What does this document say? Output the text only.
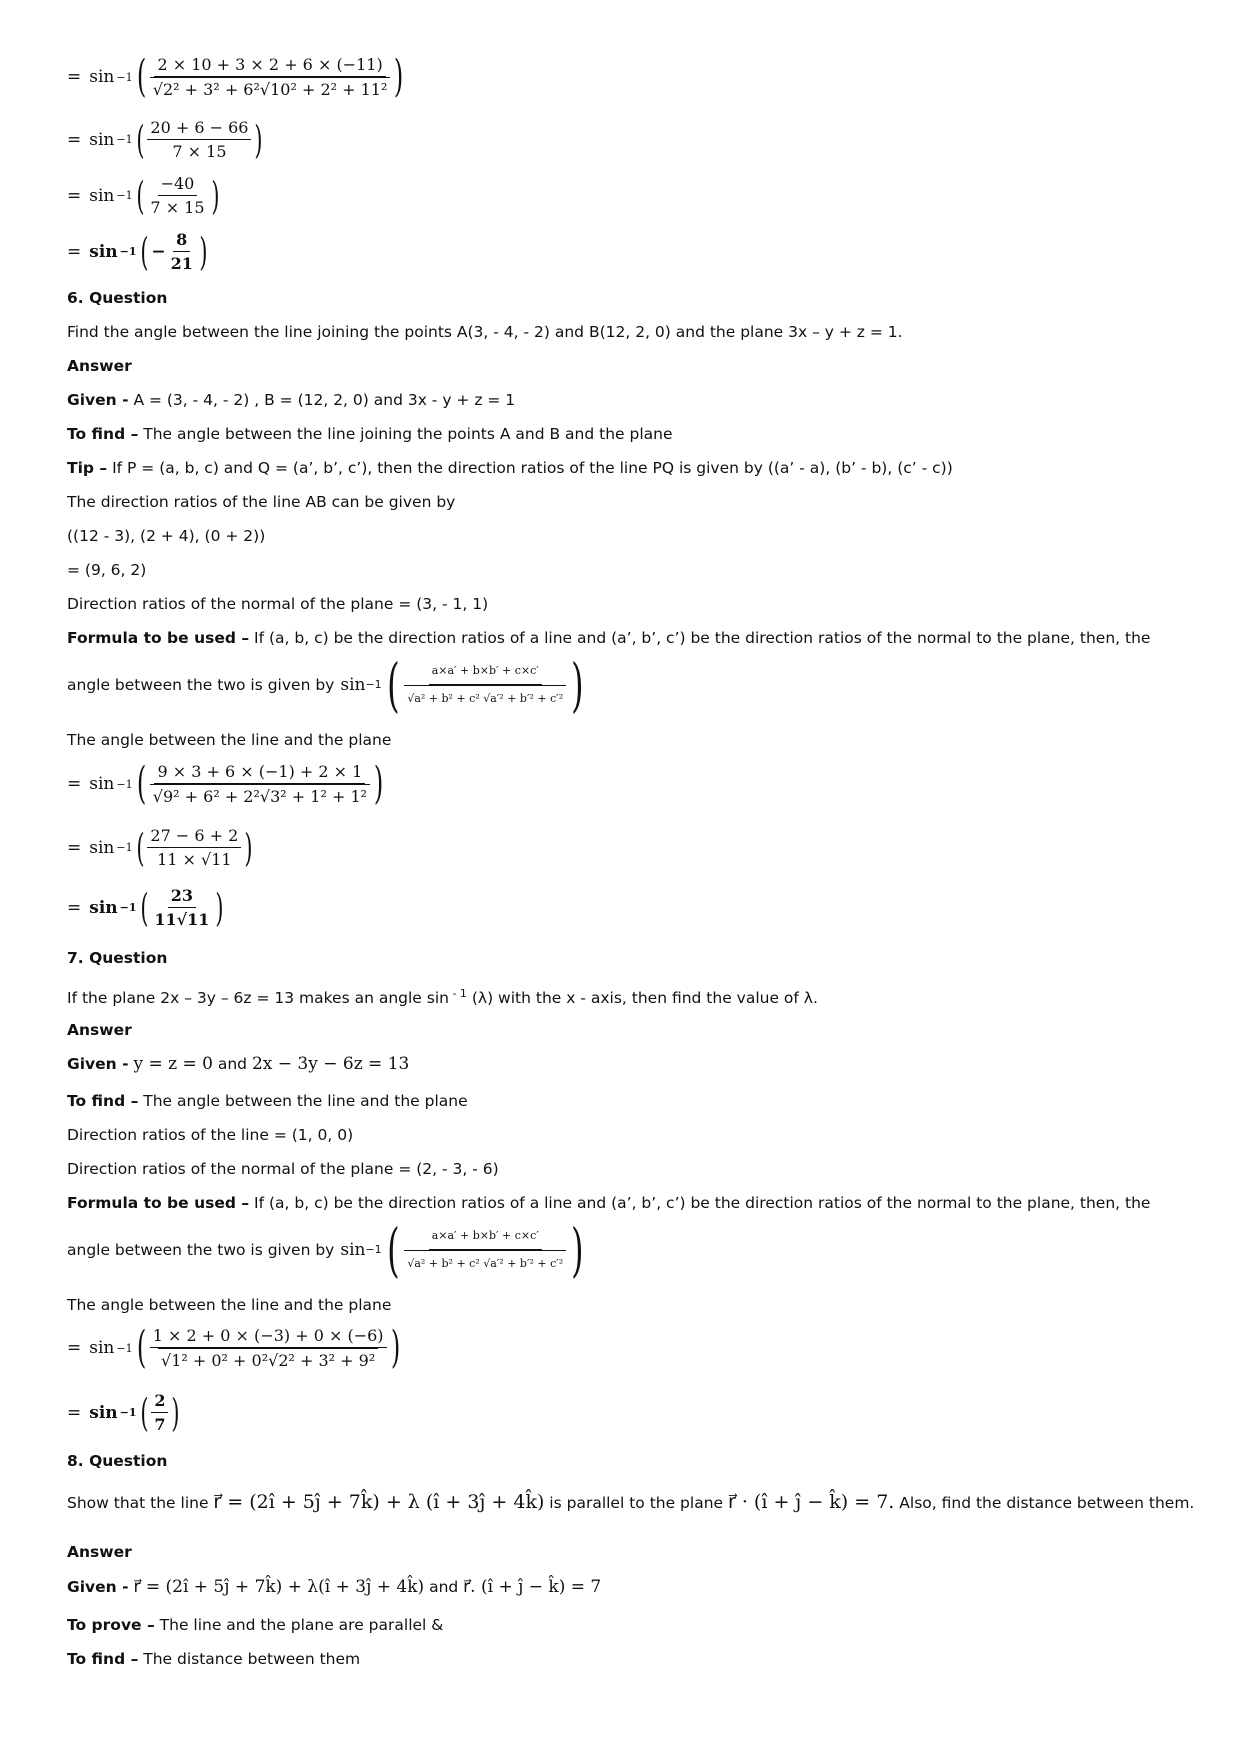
= sin −1 ( $\frac{2 \times 10 + 3 \times 2 + 6 \times (-11)}{\text{√2² + 3² + 6²√10² + 2² + 11²}}$ )
= sin −1 ( $\frac{20 + 6 - 66}{7 \times 15}$ )
= sin −1 ( $\frac{-40}{7 \times 15}$ )
= sin −1 ( − $\frac{8}{21}$ )
6. Question
Find the angle between the line joining the points A(3, - 4, - 2) and B(12, 2, 0) and the plane 3x – y + z = 1.
Answer
Given - A = (3, - 4, - 2) , B = (12, 2, 0) and 3x - y + z = 1
To find – The angle between the line joining the points A and B and the plane
Tip – If P = (a, b, c) and Q = (a’, b’, c’), then the direction ratios of the line PQ is given by ((a’ - a), (b’ - b), (c’ - c))
The direction ratios of the line AB can be given by
((12 - 3), (2 + 4), (0 + 2))
= (9, 6, 2)
Direction ratios of the normal of the plane = (3, - 1, 1)
Formula to be used – If (a, b, c) be the direction ratios of a line and (a’, b’, c’) be the direction ratios of the normal to the plane, then, the
angle between the two is given by sin −1 ( $\frac{a\times a' + b\times b' + c\times c'}{\text{√a² + b² + c² √a′² + b′² + c′²}}$ )
The angle between the line and the plane
= sin −1 ( $\frac{9 \times 3 + 6 \times (-1) + 2 \times 1}{\text{√9² + 6² + 2²√3² + 1² + 1²}}$ )
= sin −1 ( $\frac{27 - 6 + 2}{11 \times √11}$ )
= sin −1 ( $\frac{23}{11√11}$ )
7. Question
If the plane 2x – 3y – 6z = 13 makes an angle sin $^{- 1}$ (λ) with the x - axis, then find the value of λ.
Answer
Given - y = z = 0 and 2x − 3y − 6z = 13
To find – The angle between the line and the plane
Direction ratios of the line = (1, 0, 0)
Direction ratios of the normal of the plane = (2, - 3, - 6)
Formula to be used – If (a, b, c) be the direction ratios of a line and (a’, b’, c’) be the direction ratios of the normal to the plane, then, the
angle between the two is given by sin −1 ( $\frac{a\times a' + b\times b' + c\times c'}{\text{√a² + b² + c² √a′² + b′² + c′²}}$ )
The angle between the line and the plane
= sin −1 ( $\frac{1 \times 2 + 0 \times (-3) + 0 \times (-6)}{\text{√1² + 0² + 0²√2² + 3² + 9²}}$ )
= sin −1 ( $\frac{2}{7}$ )
8. Question
Show that the line r⃗ = (2î + 5ĵ + 7k̂) + λ (î + 3ĵ + 4k̂) is parallel to the plane r⃗ · (î + ĵ − k̂) = 7. Also, find the distance between them.
Answer
Given - r⃗ = (2î + 5ĵ + 7k̂) + λ(î + 3ĵ + 4k̂) and r⃗. (î + ĵ − k̂) = 7
To prove – The line and the plane are parallel &
To find – The distance between them
